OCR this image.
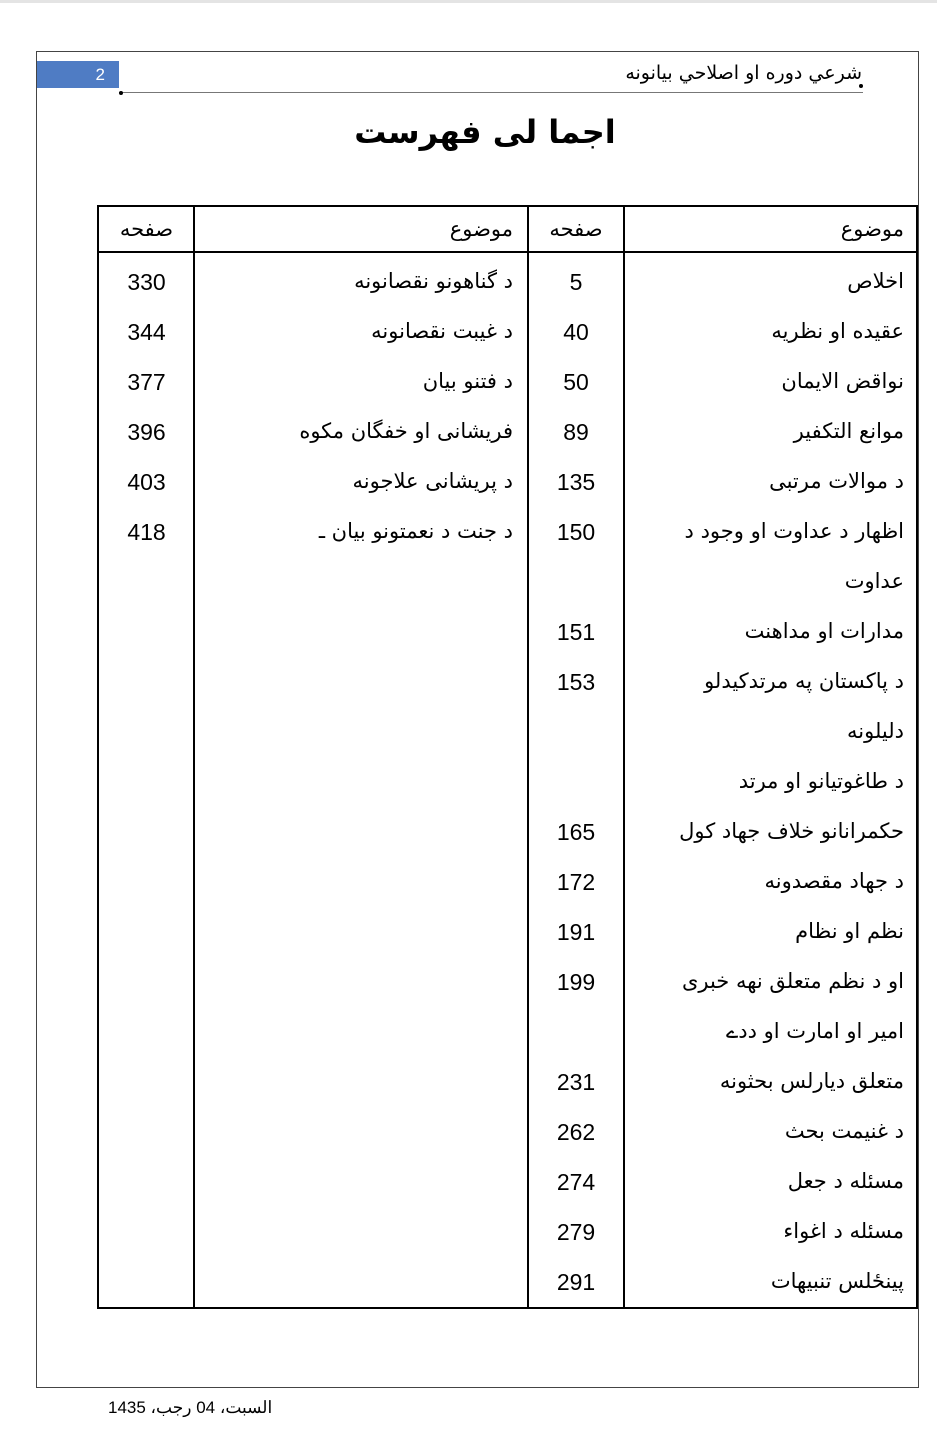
2	شرعي دوره او اصلاحي بيانونه
اجما لی فهرست
موضوع
صفحه
موضوع
صفحه
اخلاص
5
عقيده او نظريه
40
نواقض الايمان
50
موانع التکفير
89
د موالات مرتبی
135
اظهار د عداوت او وجود د
150
عداوت
مدارات او مداهنت
151
د پاکستان په مرتدکيدلو
153
دليلونه
د طاغوتيانو او مرتد
حکمرانانو خلاف جهاد کول
165
د جهاد مقصدونه
172
نظم او نظام
191
او د نظم متعلق نهه خبری
199
امير او امارت او ددے
متعلق ديارلس بحثونه
231
د غنيمت بحث
262
مسئله د جعل
274
مسئله د اغواء
279
پينځلس تنبيهات
291
د گناهونو نقصانونه
330
د غيبت نقصانونه
344
د فتنو بيان
377
فريشانی او خفگان مکوه
396
د پريشانی علاجونه
403
د جنت د نعمتونو بيان ـ
418
السبت، 04 رجب، 1435
